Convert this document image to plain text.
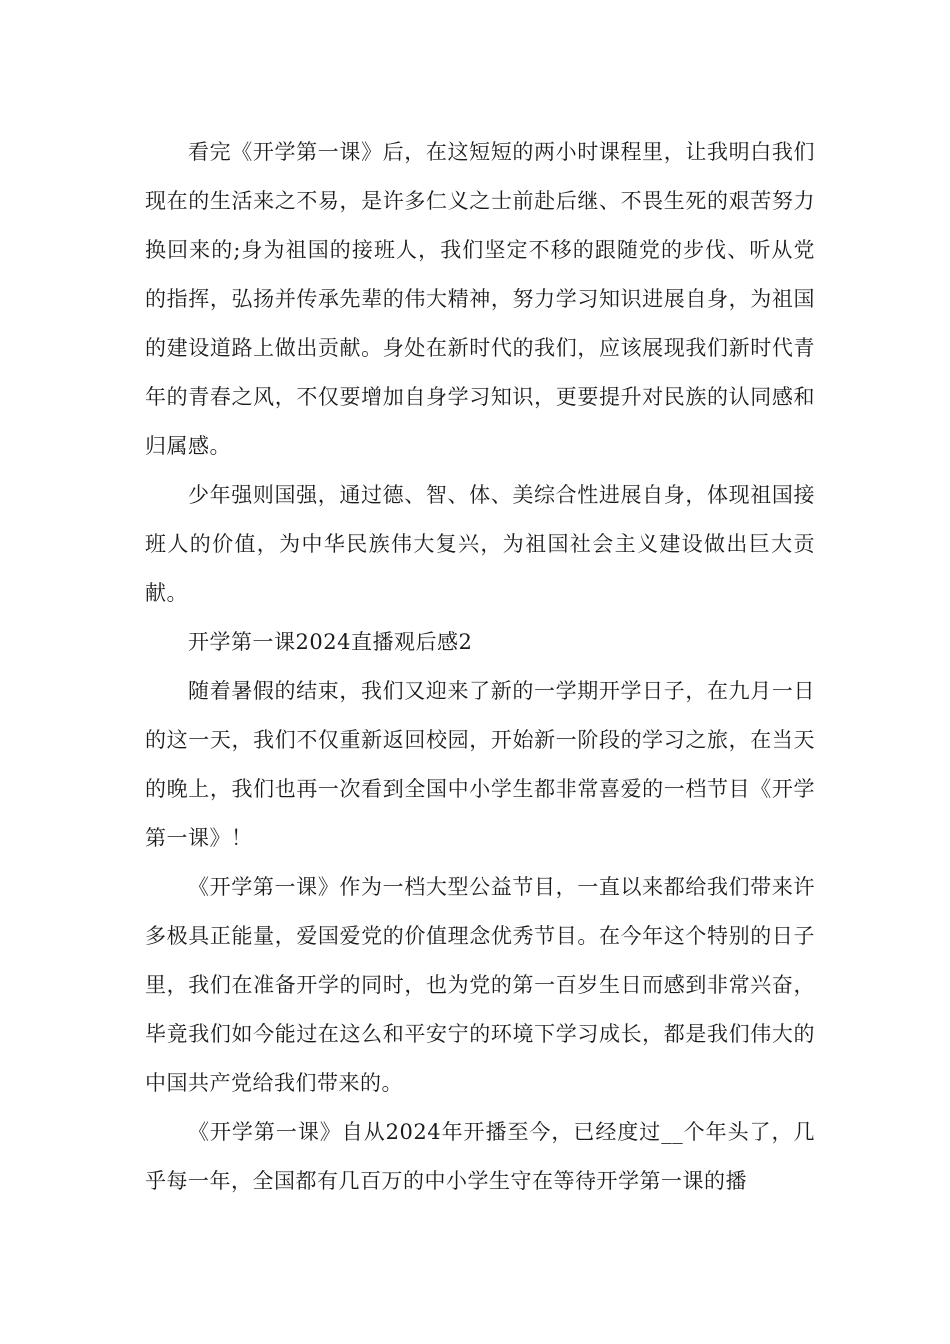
看完《开学第一课》后，在这短短的两小时课程里，让我明白我们现在的生活来之不易，是许多仁义之士前赴后继、不畏生死的艰苦努力换回来的;身为祖国的接班人，我们坚定不移的跟随党的步伐、听从党的指挥，弘扬并传承先辈的伟大精神，努力学习知识进展自身，为祖国的建设道路上做出贡献。身处在新时代的我们，应该展现我们新时代青年的青春之风，不仅要增加自身学习知识，更要提升对民族的认同感和归属感。

少年强则国强，通过德、智、体、美综合性进展自身，体现祖国接班人的价值，为中华民族伟大复兴，为祖国社会主义建设做出巨大贡献。

开学第一课2024直播观后感2

随着暑假的结束，我们又迎来了新的一学期开学日子，在九月一日的这一天，我们不仅重新返回校园，开始新一阶段的学习之旅，在当天的晚上，我们也再一次看到全国中小学生都非常喜爱的一档节目《开学第一课》！

《开学第一课》作为一档大型公益节目，一直以来都给我们带来许多极具正能量，爱国爱党的价值理念优秀节目。在今年这个特别的日子里，我们在准备开学的同时，也为党的第一百岁生日而感到非常兴奋，毕竟我们如今能过在这么和平安宁的环境下学习成长，都是我们伟大的中国共产党给我们带来的。

《开学第一课》自从2024年开播至今，已经度过__个年头了，几乎每一年，全国都有几百万的中小学生守在等待开学第一课的播
